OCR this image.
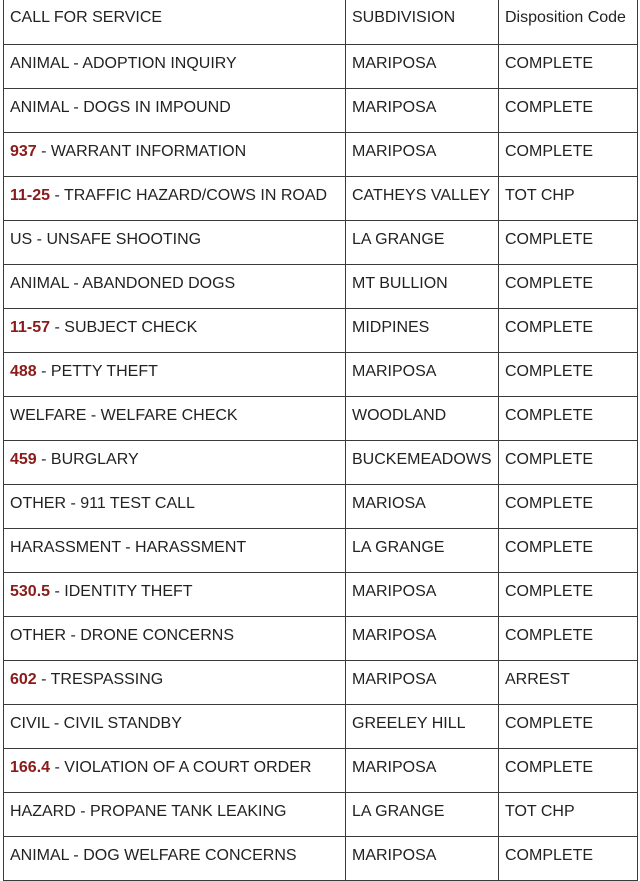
CALL FOR SERVICE	SUBDIVISION	Disposition Code
ANIMAL - ADOPTION INQUIRY	MARIPOSA	COMPLETE
ANIMAL - DOGS IN IMPOUND	MARIPOSA	COMPLETE
937 - WARRANT INFORMATION	MARIPOSA	COMPLETE
11-25 - TRAFFIC HAZARD/COWS IN ROAD	CATHEYS VALLEY	TOT CHP
US - UNSAFE SHOOTING	LA GRANGE	COMPLETE
ANIMAL - ABANDONED DOGS	MT BULLION	COMPLETE
11-57 - SUBJECT CHECK	MIDPINES	COMPLETE
488 - PETTY THEFT	MARIPOSA	COMPLETE
WELFARE - WELFARE CHECK	WOODLAND	COMPLETE
459 - BURGLARY	BUCKEMEADOWS	COMPLETE
OTHER - 911 TEST CALL	MARIOSA	COMPLETE
HARASSMENT - HARASSMENT	LA GRANGE	COMPLETE
530.5 - IDENTITY THEFT	MARIPOSA	COMPLETE
OTHER - DRONE CONCERNS	MARIPOSA	COMPLETE
602 - TRESPASSING	MARIPOSA	ARREST
CIVIL - CIVIL STANDBY	GREELEY HILL	COMPLETE
166.4 - VIOLATION OF A COURT ORDER	MARIPOSA	COMPLETE
HAZARD - PROPANE TANK LEAKING	LA GRANGE	TOT CHP
ANIMAL - DOG WELFARE CONCERNS	MARIPOSA	COMPLETE
